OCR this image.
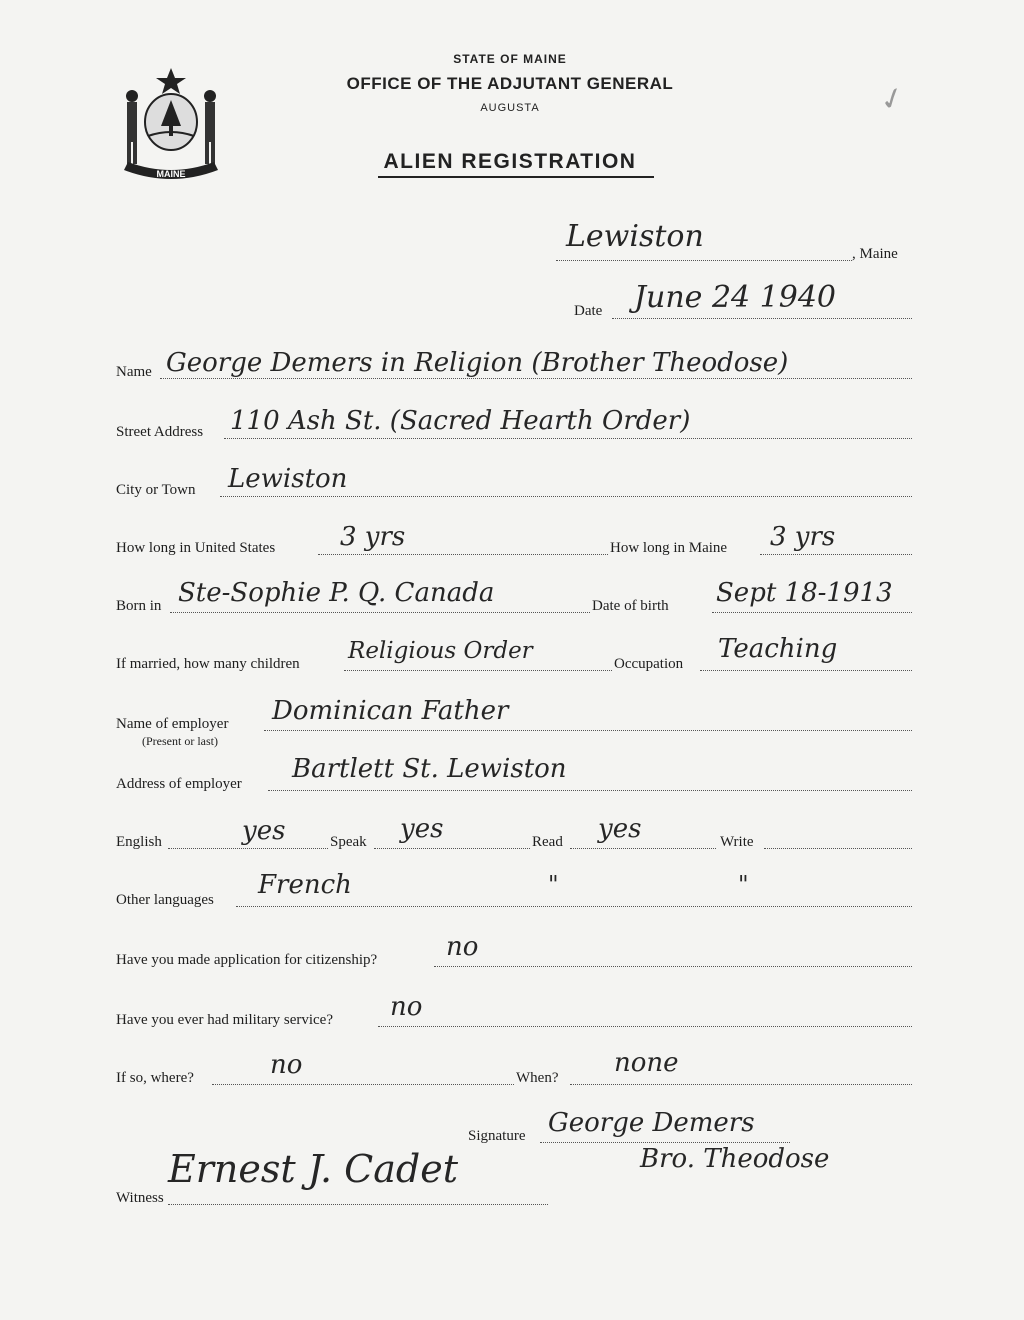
MAINE
STATE OF MAINE
OFFICE OF THE ADJUTANT GENERAL
AUGUSTA
ALIEN REGISTRATION
✓
Lewiston	, Maine
Date June 24 1940
Name George Demers in Religion (Brother Theodose)
Street Address 110 Ash St. (Sacred Hearth Order)
City or Town Lewiston
How long in United States 3 yrs	How long in Maine 3 yrs
Born in Ste-Sophie P. Q. Canada	Date of birth Sept 18-1913
If married, how many children Religious Order	Occupation Teaching
Name of employer
(Present or last)
Dominican Father
Address of employer Bartlett St. Lewiston
English	yes	Speak yes	Read yes	Write
Other languages French	"	"
Have you made application for citizenship?	no
Have you ever had military service? no
If so, where?	no	When? none
Signature George Demers
Bro. Theodose
Witness
Ernest J. Cadet
